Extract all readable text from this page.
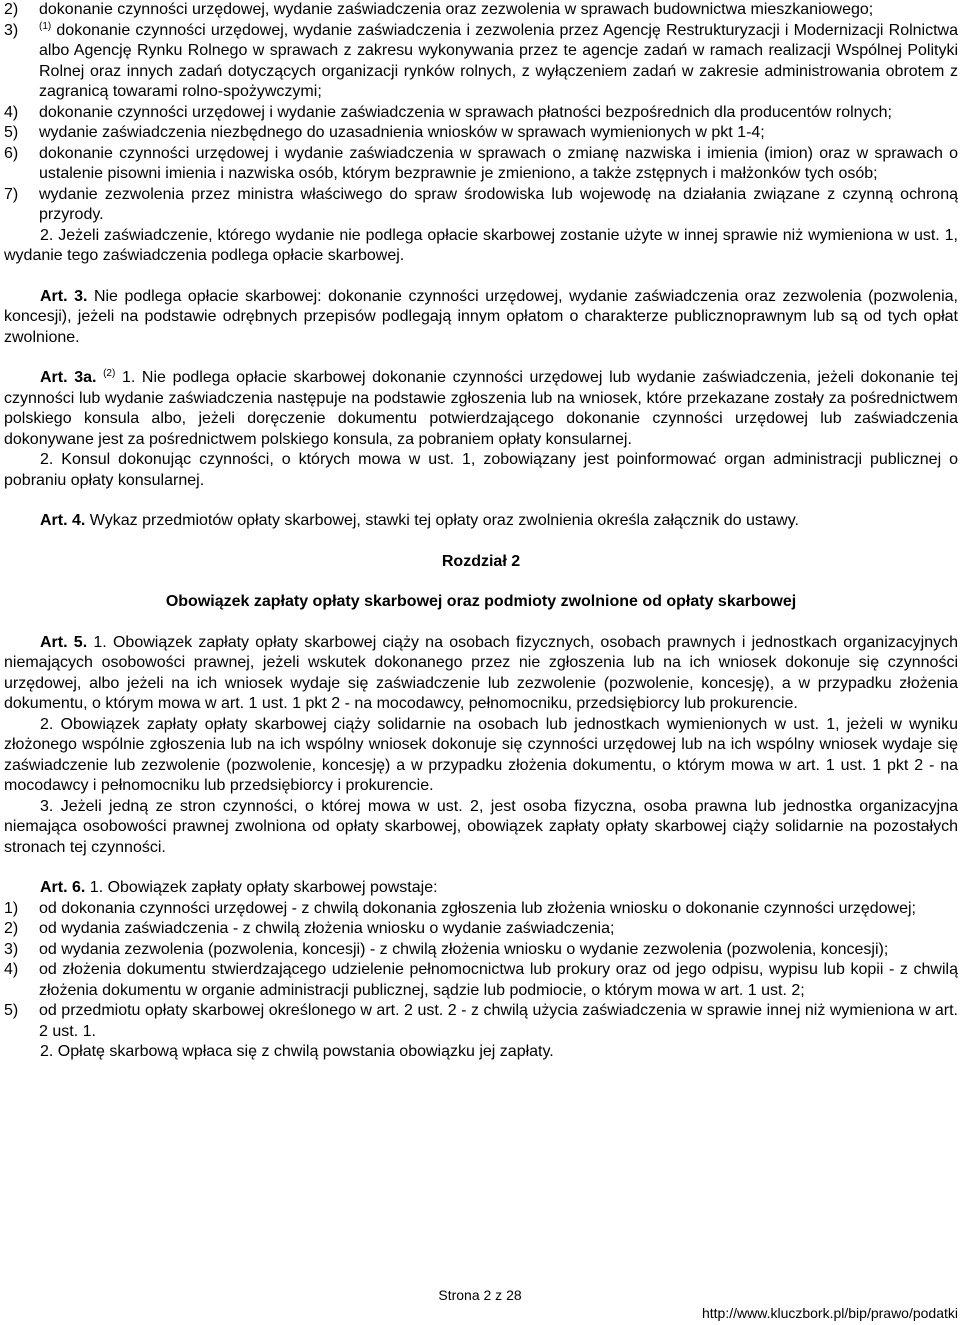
2) dokonanie czynności urzędowej, wydanie zaświadczenia oraz zezwolenia w sprawach budownictwa mieszkaniowego;
3) $^{(1)}$ dokonanie czynności urzędowej, wydanie zaświadczenia i zezwolenia przez Agencję Restrukturyzacji i Modernizacji Rolnictwa albo Agencję Rynku Rolnego w sprawach z zakresu wykonywania przez te agencje zadań w ramach realizacji Wspólnej Polityki Rolnej oraz innych zadań dotyczących organizacji rynków rolnych, z wyłączeniem zadań w zakresie administrowania obrotem z zagranicą towarami rolno-spożywczymi;
4) dokonanie czynności urzędowej i wydanie zaświadczenia w sprawach płatności bezpośrednich dla producentów rolnych;
5) wydanie zaświadczenia niezbędnego do uzasadnienia wniosków w sprawach wymienionych w pkt 1-4;
6) dokonanie czynności urzędowej i wydanie zaświadczenia w sprawach o zmianę nazwiska i imienia (imion) oraz w sprawach o ustalenie pisowni imienia i nazwiska osób, którym bezprawnie je zmieniono, a także zstępnych i małżonków tych osób;
7) wydanie zezwolenia przez ministra właściwego do spraw środowiska lub wojewodę na działania związane z czynną ochroną przyrody.

2. Jeżeli zaświadczenie, którego wydanie nie podlega opłacie skarbowej zostanie użyte w innej sprawie niż wymieniona w ust. 1, wydanie tego zaświadczenia podlega opłacie skarbowej.

Art. 3. Nie podlega opłacie skarbowej: dokonanie czynności urzędowej, wydanie zaświadczenia oraz zezwolenia (pozwolenia, koncesji), jeżeli na podstawie odrębnych przepisów podlegają innym opłatom o charakterze publicznoprawnym lub są od tych opłat zwolnione.

Art. 3a. $^{(2)}$ 1. Nie podlega opłacie skarbowej dokonanie czynności urzędowej lub wydanie zaświadczenia, jeżeli dokonanie tej czynności lub wydanie zaświadczenia następuje na podstawie zgłoszenia lub na wniosek, które przekazane zostały za pośrednictwem polskiego konsula albo, jeżeli doręczenie dokumentu potwierdzającego dokonanie czynności urzędowej lub zaświadczenia dokonywane jest za pośrednictwem polskiego konsula, za pobraniem opłaty konsularnej.

2. Konsul dokonując czynności, o których mowa w ust. 1, zobowiązany jest poinformować organ administracji publicznej o pobraniu opłaty konsularnej.

Art. 4. Wykaz przedmiotów opłaty skarbowej, stawki tej opłaty oraz zwolnienia określa załącznik do ustawy.

Rozdział 2

Obowiązek zapłaty opłaty skarbowej oraz podmioty zwolnione od opłaty skarbowej

Art. 5. 1. Obowiązek zapłaty opłaty skarbowej ciąży na osobach fizycznych, osobach prawnych i jednostkach organizacyjnych niemających osobowości prawnej, jeżeli wskutek dokonanego przez nie zgłoszenia lub na ich wniosek dokonuje się czynności urzędowej, albo jeżeli na ich wniosek wydaje się zaświadczenie lub zezwolenie (pozwolenie, koncesję), a w przypadku złożenia dokumentu, o którym mowa w art. 1 ust. 1 pkt 2 - na mocodawcy, pełnomocniku, przedsiębiorcy lub prokurencie.

2. Obowiązek zapłaty opłaty skarbowej ciąży solidarnie na osobach lub jednostkach wymienionych w ust. 1, jeżeli w wyniku złożonego wspólnie zgłoszenia lub na ich wspólny wniosek dokonuje się czynności urzędowej lub na ich wspólny wniosek wydaje się zaświadczenie lub zezwolenie (pozwolenie, koncesję) a w przypadku złożenia dokumentu, o którym mowa w art. 1 ust. 1 pkt 2 - na mocodawcy i pełnomocniku lub przedsiębiorcy i prokurencie.

3. Jeżeli jedną ze stron czynności, o której mowa w ust. 2, jest osoba fizyczna, osoba prawna lub jednostka organizacyjna niemająca osobowości prawnej zwolniona od opłaty skarbowej, obowiązek zapłaty opłaty skarbowej ciąży solidarnie na pozostałych stronach tej czynności.

Art. 6. 1. Obowiązek zapłaty opłaty skarbowej powstaje:

1) od dokonania czynności urzędowej - z chwilą dokonania zgłoszenia lub złożenia wniosku o dokonanie czynności urzędowej;
2) od wydania zaświadczenia - z chwilą złożenia wniosku o wydanie zaświadczenia;
3) od wydania zezwolenia (pozwolenia, koncesji) - z chwilą złożenia wniosku o wydanie zezwolenia (pozwolenia, koncesji);
4) od złożenia dokumentu stwierdzającego udzielenie pełnomocnictwa lub prokury oraz od jego odpisu, wypisu lub kopii - z chwilą złożenia dokumentu w organie administracji publicznej, sądzie lub podmiocie, o którym mowa w art. 1 ust. 2;
5) od przedmiotu opłaty skarbowej określonego w art. 2 ust. 2 - z chwilą użycia zaświadczenia w sprawie innej niż wymieniona w art. 2 ust. 1.

2. Opłatę skarbową wpłaca się z chwilą powstania obowiązku jej zapłaty.

Strona 2 z 28
http://www.kluczbork.pl/bip/prawo/podatki
